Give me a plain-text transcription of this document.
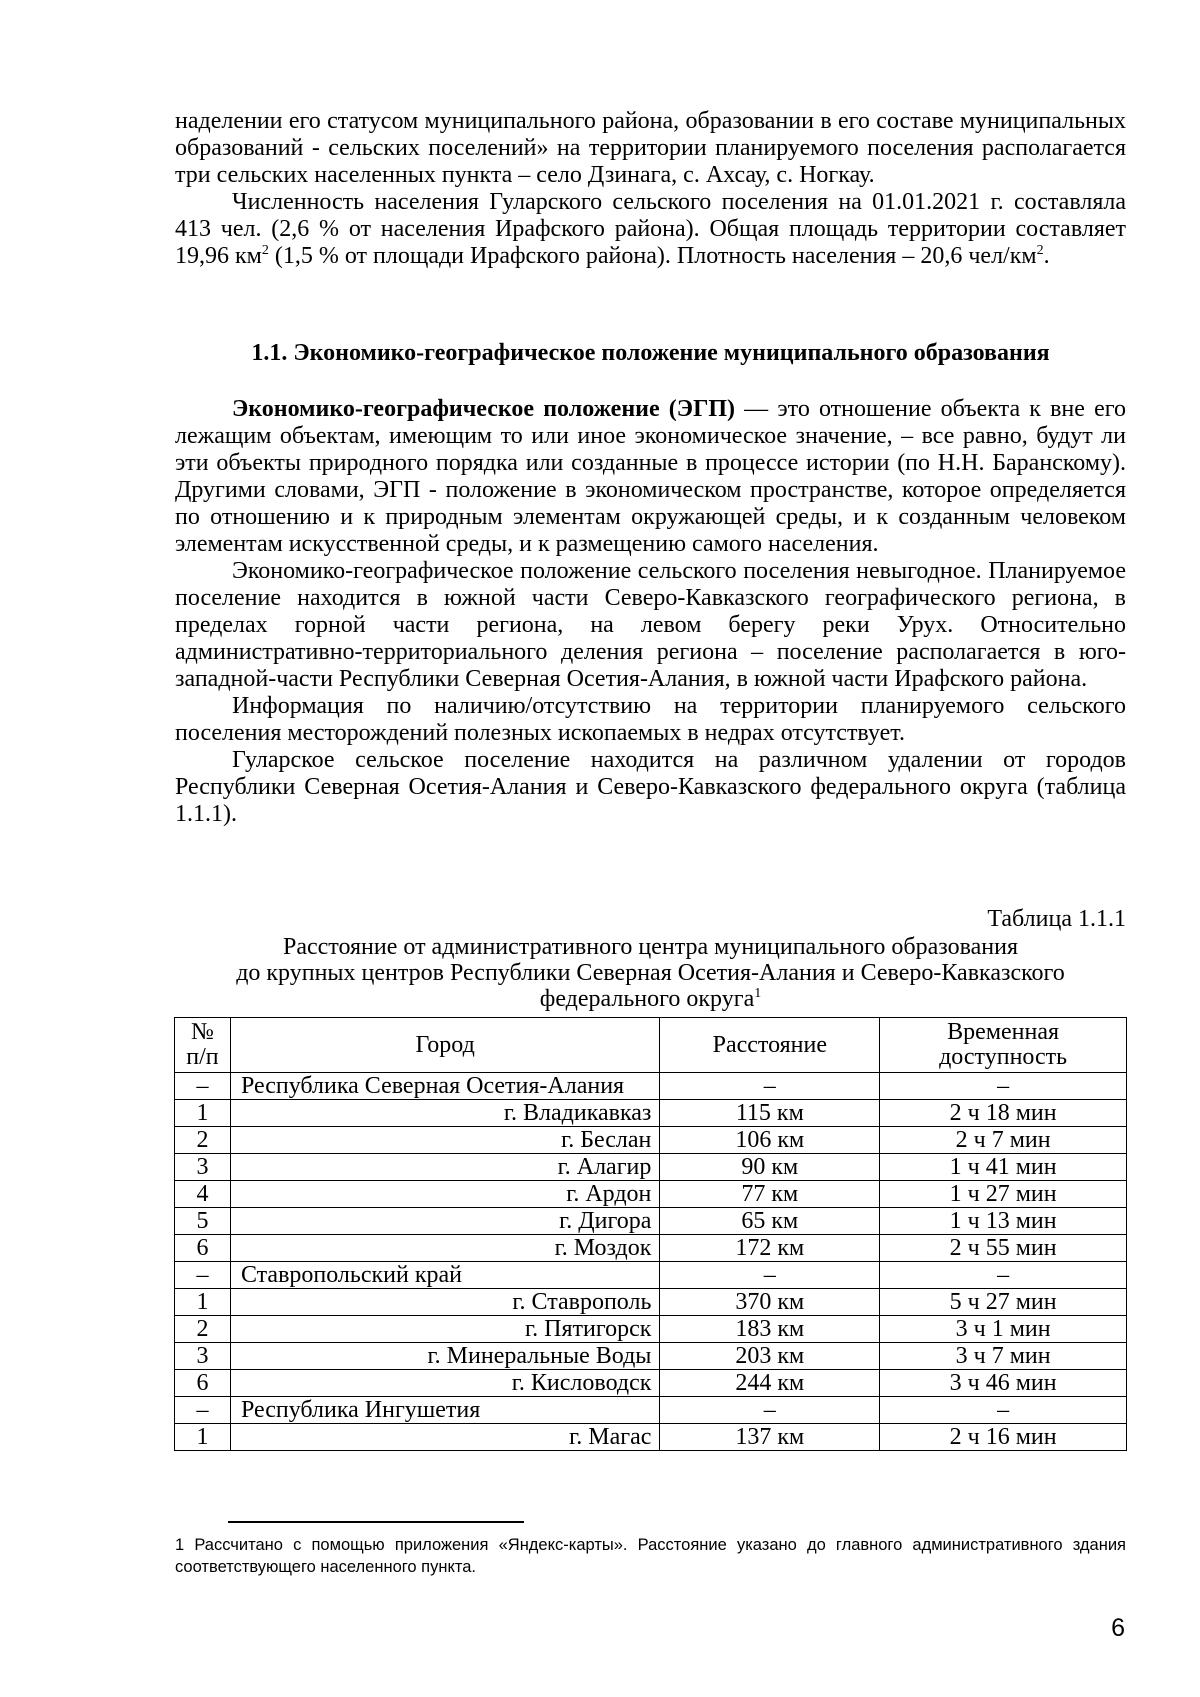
наделении его статусом муниципального района, образовании в его составе муниципальных образований - сельских поселений» на территории планируемого поселения располагается три сельских населенных пункта – село Дзинага, с. Ахсау, с. Ногкау.

Численность населения Гуларского сельского поселения на 01.01.2021 г. составляла 413 чел. (2,6 % от населения Ирафского района). Общая площадь территории составляет 19,96 $км^2$ (1,5 % от площади Ирафского района). Плотность населения – 20,6 чел/$км^2$.

1.1. Экономико-географическое положение муниципального образования

Экономико-географическое положение (ЭГП) — это отношение объекта к вне его лежащим объектам, имеющим то или иное экономическое значение, – все равно, будут ли эти объекты природного порядка или созданные в процессе истории (по Н.Н. Баранскому). Другими словами, ЭГП - положение в экономическом пространстве, которое определяется по отношению и к природным элементам окружающей среды, и к созданным человеком элементам искусственной среды, и к размещению самого населения.

Экономико-географическое положение сельского поселения невыгодное. Планируемое поселение находится в южной части Северо-Кавказского географического региона, в пределах горной части региона, на левом берегу реки Урух. Относительно административно-территориального деления региона – поселение располагается в юго-западной-части Республики Северная Осетия-Алания, в южной части Ирафского района.

Информация по наличию/отсутствию на территории планируемого сельского поселения месторождений полезных ископаемых в недрах отсутствует.

Гуларское сельское поселение находится на различном удалении от городов Республики Северная Осетия-Алания и Северо-Кавказского федерального округа (таблица 1.1.1).

Таблица 1.1.1
Расстояние от административного центра муниципального образования
до крупных центров Республики Северная Осетия-Алания и Северо-Кавказского
федерального округа$^1$
№
п/п	Город	Расстояние	Временная
доступность
–	Республика Северная Осетия-Алания	–	–
1	г. Владикавказ	115 км	2 ч 18 мин
2	г. Беслан	106 км	2 ч 7 мин
3	г. Алагир	90 км	1 ч 41 мин
4	г. Ардон	77 км	1 ч 27 мин
5	г. Дигора	65 км	1 ч 13 мин
6	г. Моздок	172 км	2 ч 55 мин
–	Ставропольский край	–	–
1	г. Ставрополь	370 км	5 ч 27 мин
2	г. Пятигорск	183 км	3 ч 1 мин
3	г. Минеральные Воды	203 км	3 ч 7 мин
6	г. Кисловодск	244 км	3 ч 46 мин
–	Республика Ингушетия	–	–
1	г. Магас	137 км	2 ч 16 мин
1 Рассчитано с помощью приложения «Яндекс-карты». Расстояние указано до главного административного здания соответствующего населенного пункта.
6
